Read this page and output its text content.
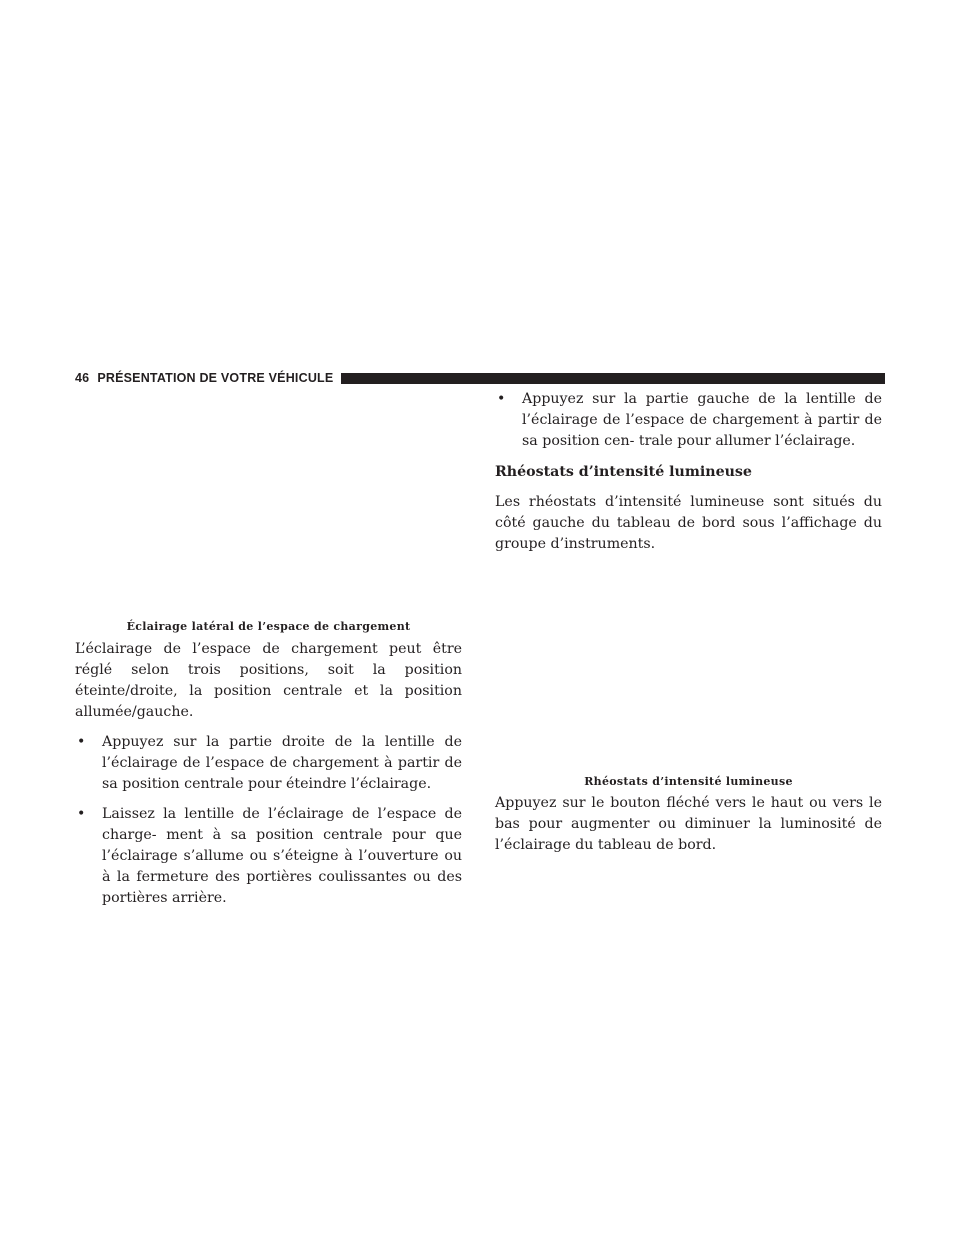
46 PRÉSENTATION DE VOTRE VÉHICULE

Éclairage latéral de l’espace de chargement

L’éclairage de l’espace de chargement peut être réglé selon trois positions, soit la position éteinte/droite, la position centrale et la position allumée/gauche.

• Appuyez sur la partie droite de la lentille de l’éclairage de l’espace de chargement à partir de sa position centrale pour éteindre l’éclairage.

• Laissez la lentille de l’éclairage de l’espace de charge- ment à sa position centrale pour que l’éclairage s’allume ou s’éteigne à l’ouverture ou à la fermeture des portières coulissantes ou des portières arrière.

• Appuyez sur la partie gauche de la lentille de l’éclairage de l’espace de chargement à partir de sa position cen- trale pour allumer l’éclairage.

Rhéostats d’intensité lumineuse

Les rhéostats d’intensité lumineuse sont situés du côté gauche du tableau de bord sous l’affichage du groupe d’instruments.

Rhéostats d’intensité lumineuse

Appuyez sur le bouton fléché vers le haut ou vers le bas pour augmenter ou diminuer la luminosité de l’éclairage du tableau de bord.
